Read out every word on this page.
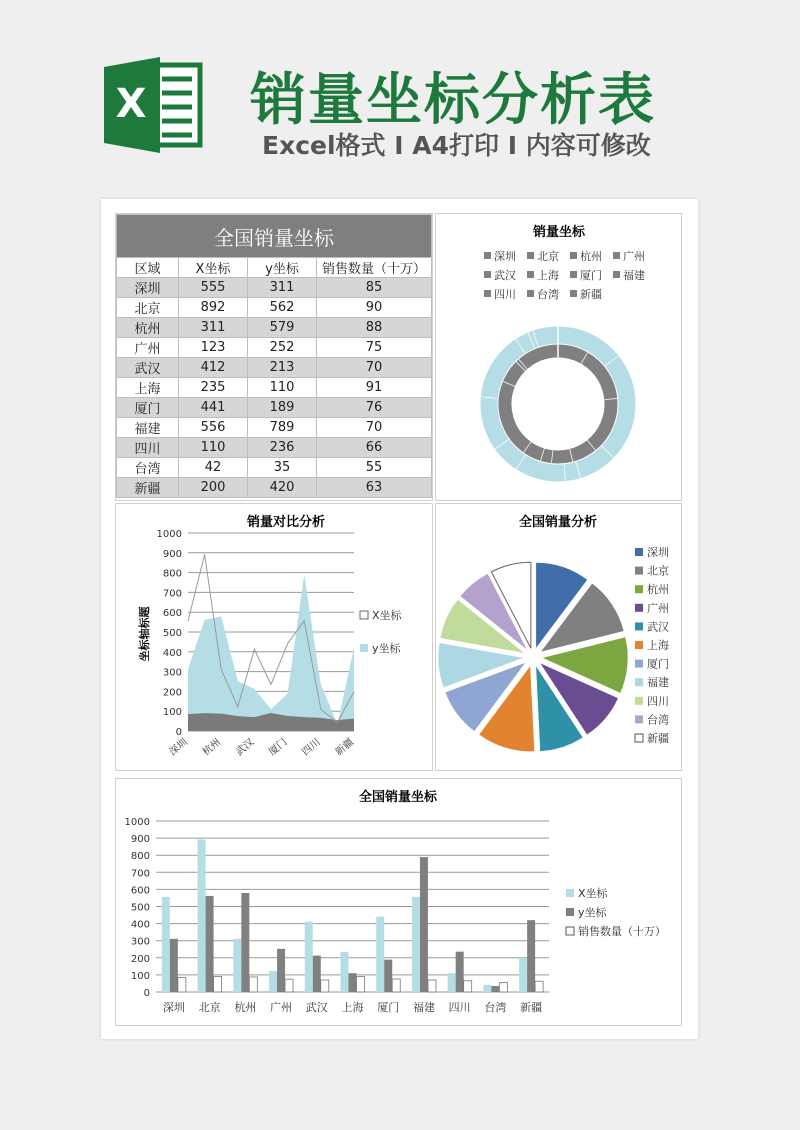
X 销量坐标分析表
Excel格式 Ⅰ A4打印 Ⅰ 内容可修改
全国销量坐标			
区域	X坐标	y坐标	销售数量（十万）
深圳	555	311	85
北京	892	562	90
杭州	311	579	88
广州	123	252	75
武汉	412	213	70
上海	235	110	91
厦门	441	189	76
福建	556	789	70
四川	110	236	66
台湾	42	35	55
新疆	200	420	63
销量坐标
深圳 北京 杭州 广州
武汉 上海 厦门 福建
四川 台湾 新疆
销量对比分析
坐标轴标题
0
100
200
300
400
500
600
700
800
900
1000
深圳 杭州 武汉 厦门 四川 新疆
X坐标
y坐标
全国销量分析
深圳
北京
杭州
广州
武汉
上海
厦门
福建
四川
台湾
新疆
全国销量坐标
0
100
200
300
400
500
600
700
800
900
1000
深圳 北京 杭州 广州 武汉 上海 厦门 福建 四川 台湾 新疆
X坐标
y坐标
销售数量（十万）
